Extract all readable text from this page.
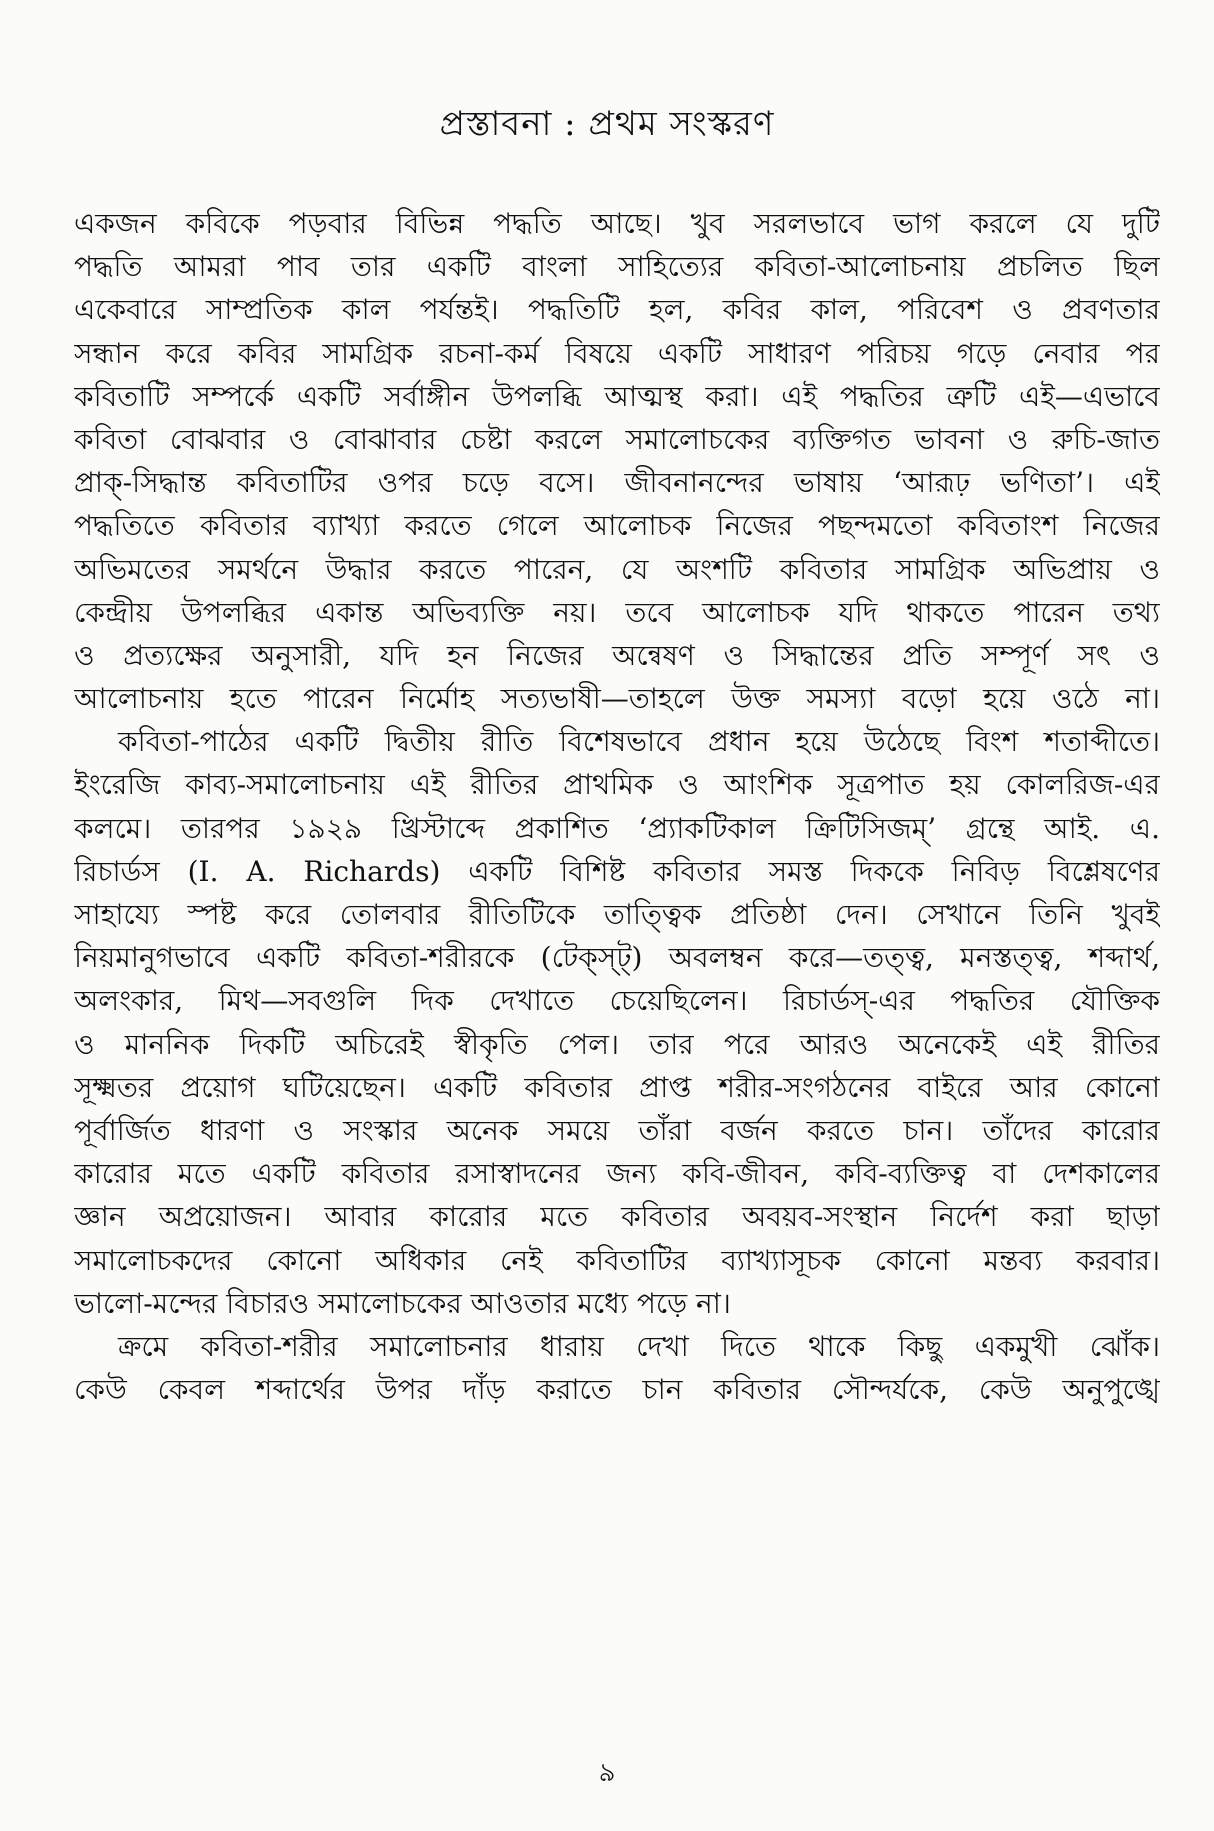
প্রস্তাবনা : প্রথম সংস্করণ

একজন কবিকে পড়বার বিভিন্ন পদ্ধতি আছে। খুব সরলভাবে ভাগ করলে যে দুটি
পদ্ধতি আমরা পাব তার একটি বাংলা সাহিত্যের কবিতা-আলোচনায় প্রচলিত ছিল
একেবারে সাম্প্রতিক কাল পর্যন্তই। পদ্ধতিটি হল, কবির কাল, পরিবেশ ও প্রবণতার
সন্ধান করে কবির সামগ্রিক রচনা-কর্ম বিষয়ে একটি সাধারণ পরিচয় গড়ে নেবার পর
কবিতাটি সম্পর্কে একটি সর্বাঙ্গীন উপলব্ধি আত্মস্থ করা। এই পদ্ধতির ত্রুটি এই—এভাবে
কবিতা বোঝবার ও বোঝাবার চেষ্টা করলে সমালোচকের ব্যক্তিগত ভাবনা ও রুচি-জাত
প্রাক্-সিদ্ধান্ত কবিতাটির ওপর চড়ে বসে। জীবনানন্দের ভাষায় ‘আরূঢ় ভণিতা’। এই
পদ্ধতিতে কবিতার ব্যাখ্যা করতে গেলে আলোচক নিজের পছন্দমতো কবিতাংশ নিজের
অভিমতের সমর্থনে উদ্ধার করতে পারেন, যে অংশটি কবিতার সামগ্রিক অভিপ্রায় ও
কেন্দ্রীয় উপলব্ধির একান্ত অভিব্যক্তি নয়। তবে আলোচক যদি থাকতে পারেন তথ্য
ও প্রত্যক্ষের অনুসারী, যদি হন নিজের অন্বেষণ ও সিদ্ধান্তের প্রতি সম্পূর্ণ সৎ ও
আলোচনায় হতে পারেন নির্মোহ সত্যভাষী—তাহলে উক্ত সমস্যা বড়ো হয়ে ওঠে না।

কবিতা-পাঠের একটি দ্বিতীয় রীতি বিশেষভাবে প্রধান হয়ে উঠেছে বিংশ শতাব্দীতে।
ইংরেজি কাব্য-সমালোচনায় এই রীতির প্রাথমিক ও আংশিক সূত্রপাত হয় কোলরিজ-এর
কলমে। তারপর ১৯২৯ খ্রিস্টাব্দে প্রকাশিত ‘প্র্যাকটিকাল ক্রিটিসিজম্’ গ্রন্থে আই. এ.
রিচার্ডস (I. A. Richards) একটি বিশিষ্ট কবিতার সমস্ত দিককে নিবিড় বিশ্লেষণের
সাহায্যে স্পষ্ট করে তোলবার রীতিটিকে তাত্ত্বিক প্রতিষ্ঠা দেন। সেখানে তিনি খুবই
নিয়মানুগভাবে একটি কবিতা-শরীরকে (টেক্স্ট্) অবলম্বন করে—তত্ত্ব, মনস্তত্ত্ব, শব্দার্থ,
অলংকার, মিথ—সবগুলি দিক দেখাতে চেয়েছিলেন। রিচার্ডস্-এর পদ্ধতির যৌক্তিক
ও মাননিক দিকটি অচিরেই স্বীকৃতি পেল। তার পরে আরও অনেকেই এই রীতির
সূক্ষ্মতর প্রয়োগ ঘটিয়েছেন। একটি কবিতার প্রাপ্ত শরীর-সংগঠনের বাইরে আর কোনো
পূর্বার্জিত ধারণা ও সংস্কার অনেক সময়ে তাঁরা বর্জন করতে চান। তাঁদের কারোর
কারোর মতে একটি কবিতার রসাস্বাদনের জন্য কবি-জীবন, কবি-ব্যক্তিত্ব বা দেশকালের
জ্ঞান অপ্রয়োজন। আবার কারোর মতে কবিতার অবয়ব-সংস্থান নির্দেশ করা ছাড়া
সমালোচকদের কোনো অধিকার নেই কবিতাটির ব্যাখ্যাসূচক কোনো মন্তব্য করবার।
ভালো-মন্দের বিচারও সমালোচকের আওতার মধ্যে পড়ে না।

ক্রমে কবিতা-শরীর সমালোচনার ধারায় দেখা দিতে থাকে কিছু একমুখী ঝোঁক।
কেউ কেবল শব্দার্থের উপর দাঁড় করাতে চান কবিতার সৌন্দর্যকে, কেউ অনুপুঙ্খে

৯
